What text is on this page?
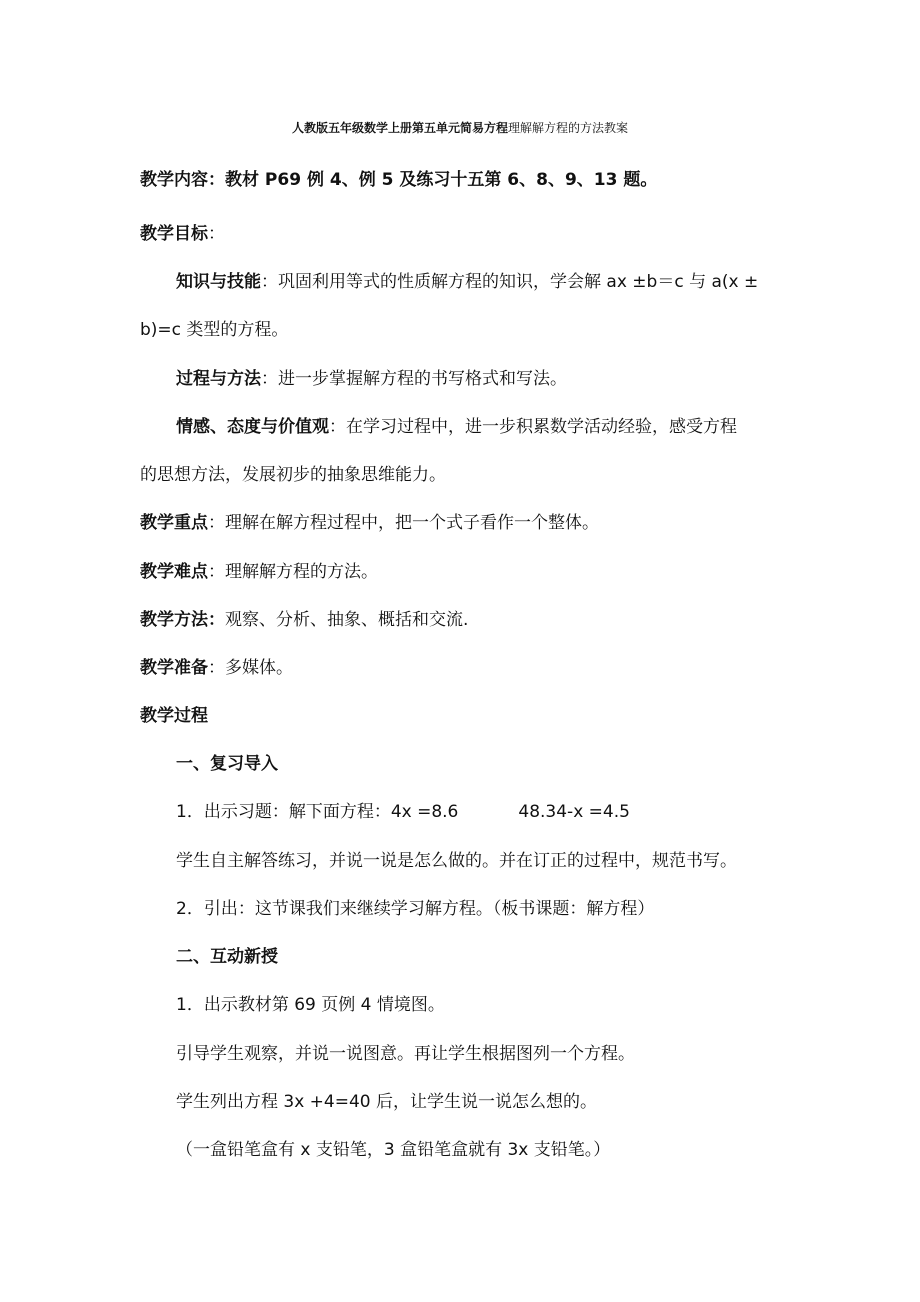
人教版五年级数学上册第五单元简易方程理解解方程的方法教案
教学内容：教材 P69 例 4、例 5 及练习十五第 6、8、9、13 题。
教学目标：
知识与技能：巩固利用等式的性质解方程的知识，学会解 ax ±b＝c 与 a(x ±
b)=c 类型的方程。
过程与方法：进一步掌握解方程的书写格式和写法。
情感、态度与价值观：在学习过程中，进一步积累数学活动经验，感受方程
的思想方法，发展初步的抽象思维能力。
教学重点：理解在解方程过程中，把一个式子看作一个整体。
教学难点：理解解方程的方法。
教学方法：观察、分析、抽象、概括和交流.
教学准备：多媒体。
教学过程
一、复习导入
1．出示习题：解下面方程：4x =8.6	48.34-x =4.5
学生自主解答练习，并说一说是怎么做的。并在订正的过程中，规范书写。
2．引出：这节课我们来继续学习解方程。（板书课题：解方程）
二、互动新授
1．出示教材第 69 页例 4 情境图。
引导学生观察，并说一说图意。再让学生根据图列一个方程。
学生列出方程 3x +4=40 后，让学生说一说怎么想的。
（一盒铅笔盒有 x 支铅笔，3 盒铅笔盒就有 3x 支铅笔。）
